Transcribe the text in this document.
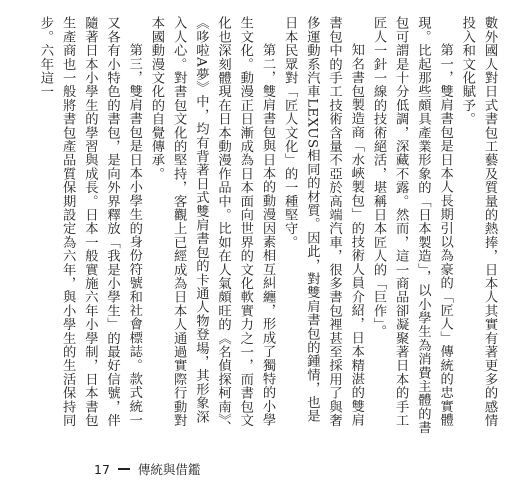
數外國人對日式書包工藝及質量的熱捧，日本人其實有著更多的感情投入和文化賦予。

第一，雙肩書包是日本人長期引以為豪的「匠人」傳統的忠實體現。比起那些頗具產業形象的「日本製造」，以小學生為消費主體的書包可謂是十分低調，深藏不露。然而，這一商品卻凝聚著日本的手工匠人一針一線的技術絕活，堪稱日本匠人的「巨作」。

知名書包製造商「水峽製包」的技術人員介紹，日本精湛的雙肩書包中的手工技術含量不亞於高端汽車，很多書包裡甚至採用了與奢侈運動系汽車LEXUS相同的材質。因此，對雙肩書包的鍾情，也是日本民眾對「匠人文化」的一種堅守。

第二，雙肩書包與日本的動漫因素相互糾纏，形成了獨特的小學生文化。動漫正日漸成為日本面向世界的文化軟實力之一，而書包文化也深刻體現在日本動漫作品中。比如在人氣頗旺的《名偵探柯南》、《哆啦A夢》中，均有背著日式雙肩書包的卡通人物登場，其形象深入人心。對書包文化的堅持，客觀上已經成為日本人通過實際行動對本國動漫文化的自覺傳承。

第三，雙肩書包是日本小學生的身份符號和社會標誌。款式統一又各有小特色的書包，是向外界釋放「我是小學生」的最好信號，伴隨著日本小學生的學習與成長。日本一般實施六年小學制，日本書包生產商也一般將書包產品質保期設定為六年，與小學生的生活保持同步。六年這一

17 傳統與借鑑
